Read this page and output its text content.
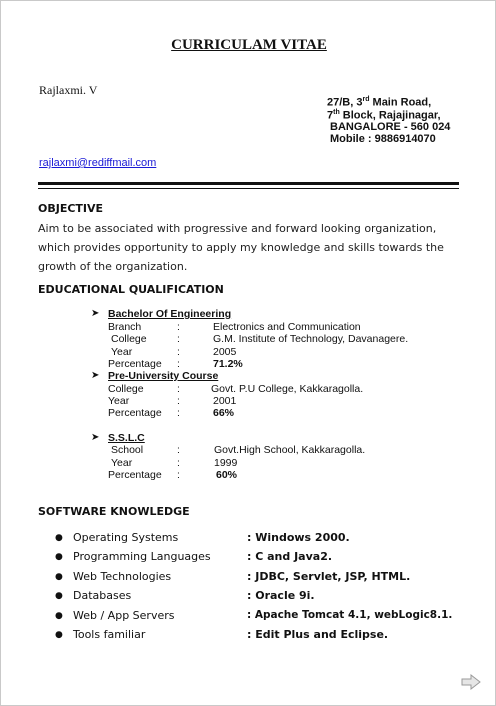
CURRICULAM VITAE
Rajlaxmi. V
27/B, 3rd Main Road,
7th Block, Rajajinagar,
BANGALORE - 560 024
Mobile : 9886914070
rajlaxmi@rediffmail.com
OBJECTIVE
Aim to be associated with progressive and forward looking organization,
which provides opportunity to apply my knowledge and skills towards the
growth of the organization.
EDUCATIONAL QUALIFICATION
➤ Bachelor Of Engineering
Branch	:	Electronics and Communication
College	:	G.M. Institute of Technology, Davanagere.
Year	:	2005
Percentage :	71.2%
➤ Pre-University Course
College	:	Govt. P.U College, Kakkaragolla.
Year	:	2001
Percentage :	66%
➤ S.S.L.C
School	:	Govt.High School, Kakkaragolla.
Year	:	1999
Percentage :	60%
SOFTWARE KNOWLEDGE
● Operating Systems	: Windows 2000.
● Programming Languages	: C and Java2.
● Web Technologies	: JDBC, Servlet, JSP, HTML.
● Databases	: Oracle 9i.
● Web / App Servers	: Apache Tomcat 4.1, webLogic8.1.
● Tools familiar	: Edit Plus and Eclipse.
